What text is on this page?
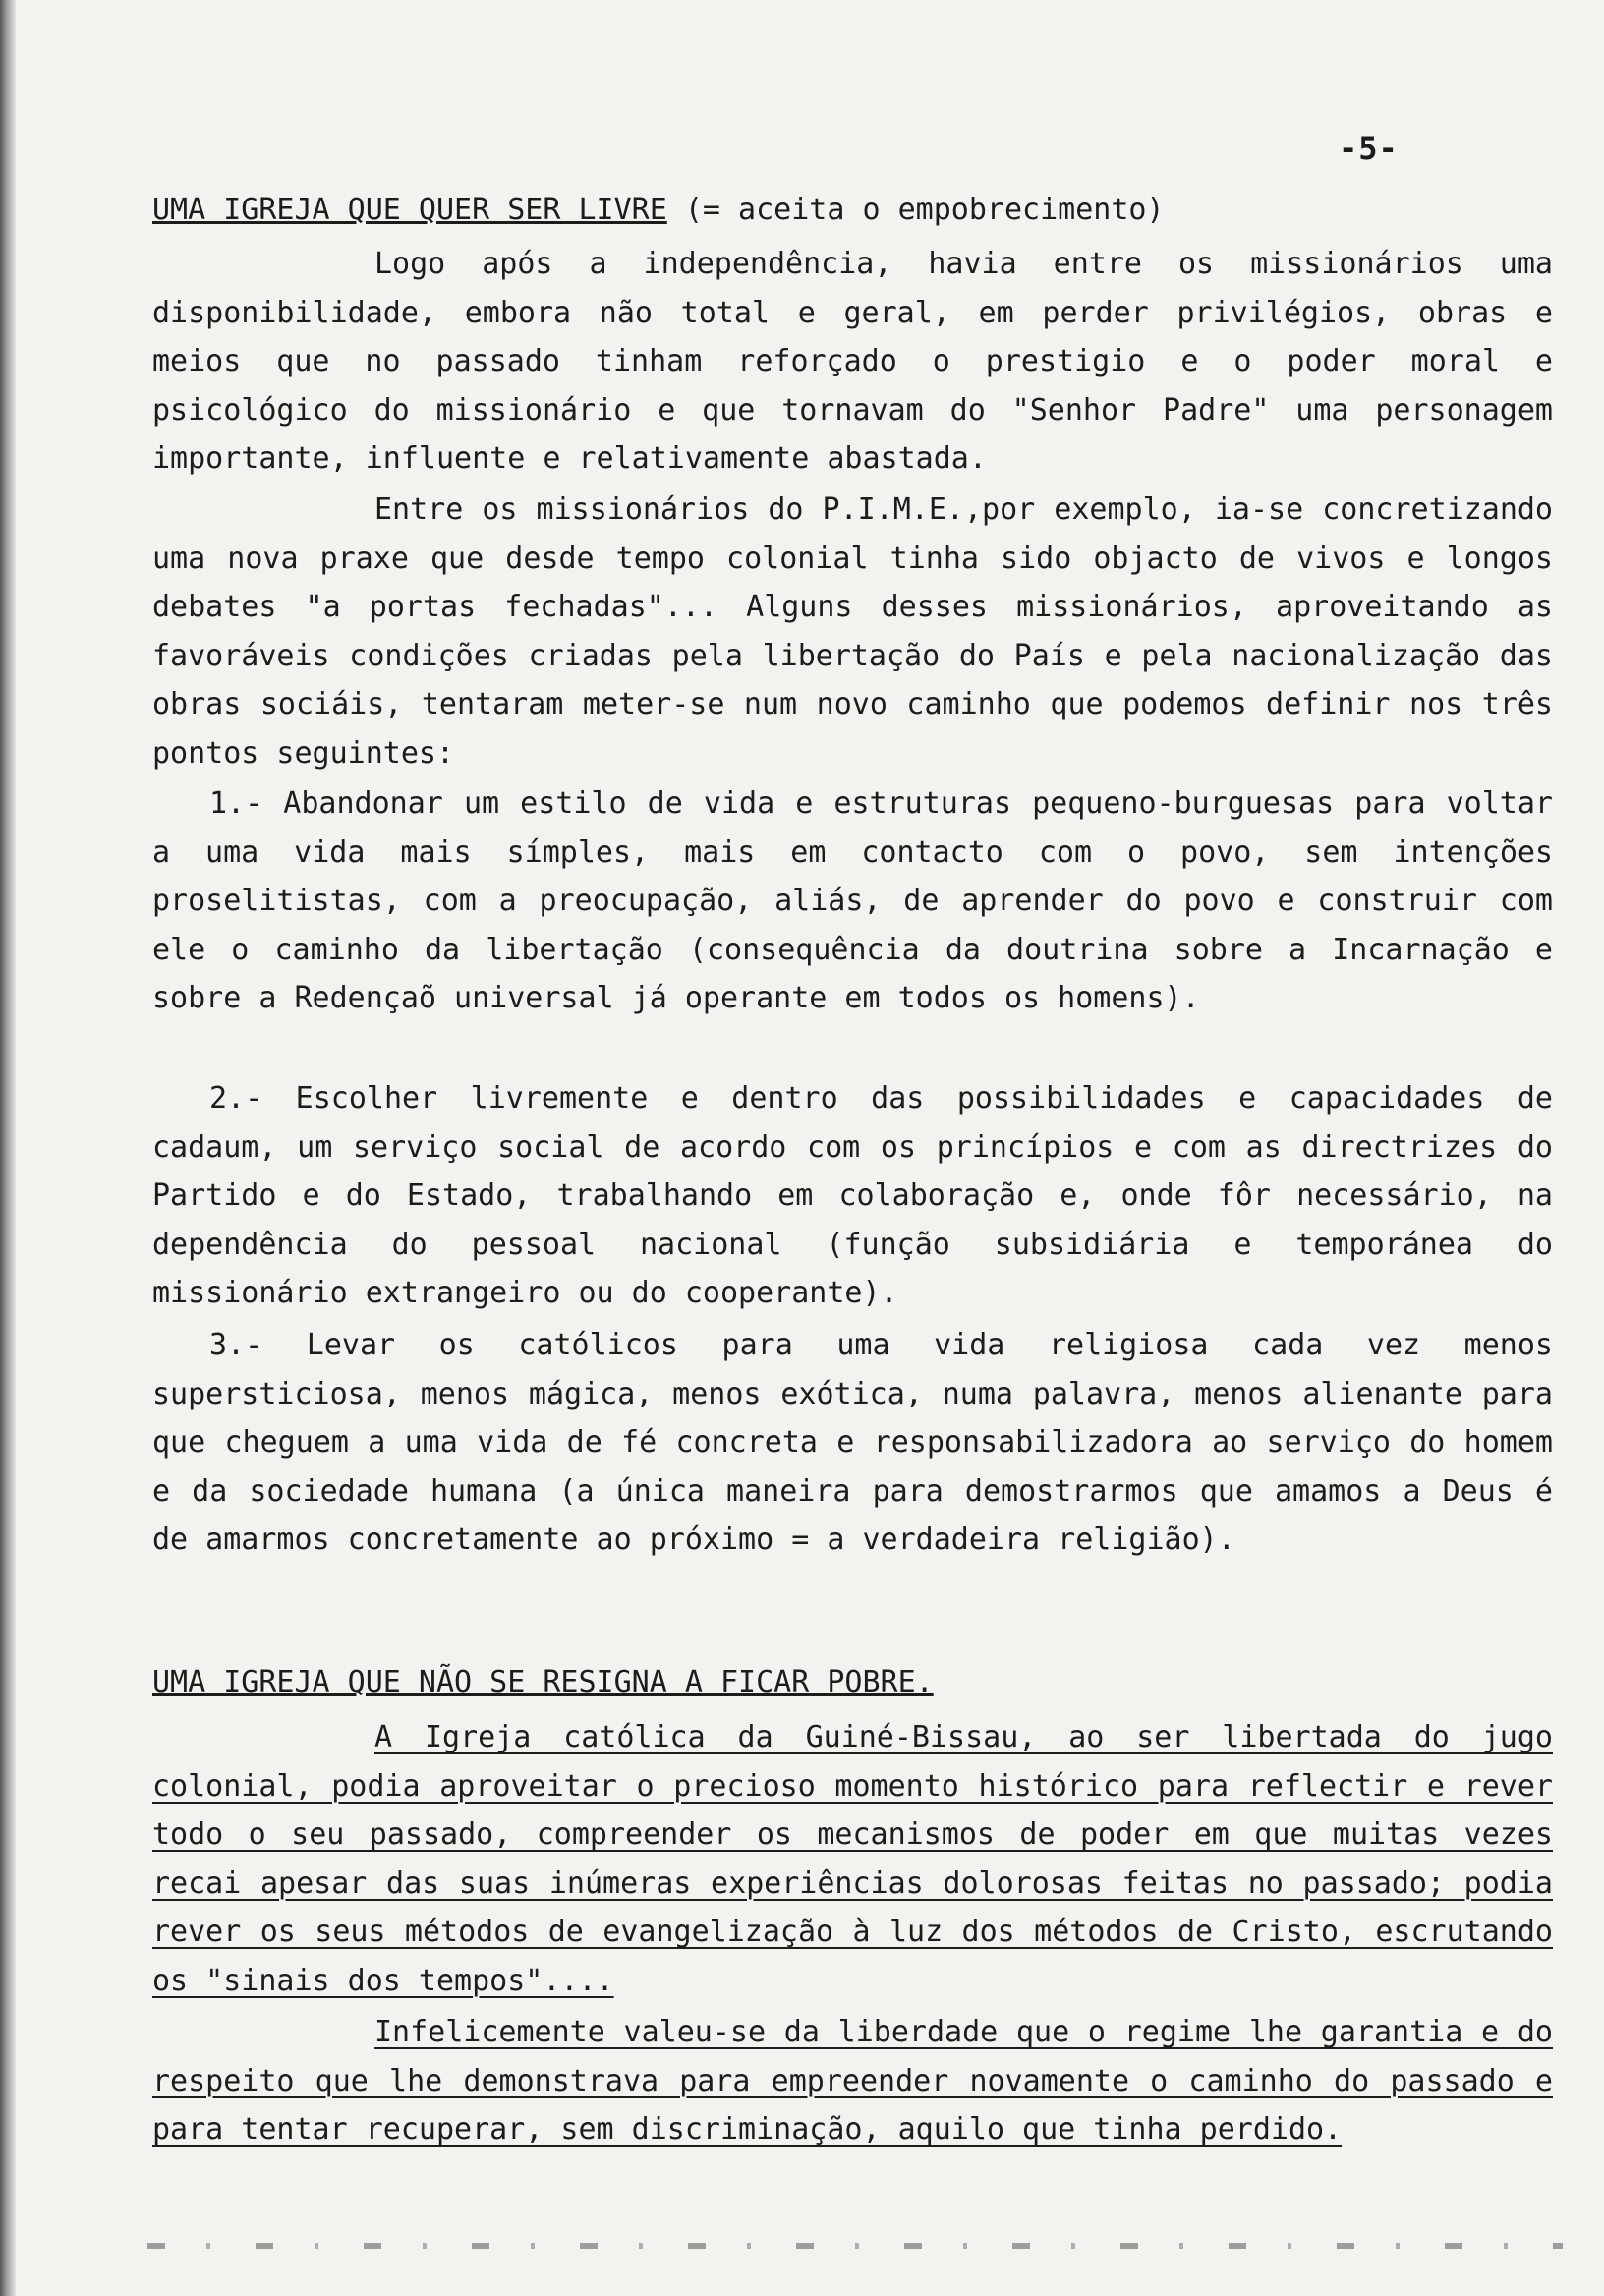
-5-
UMA IGREJA QUE QUER SER LIVRE (= aceita o empobrecimento)
Logo após a independência, havia entre os missionários uma disponibilidade, embora não total e geral, em perder privilégios, obras e meios que no passado tinham reforçado o prestigio e o poder moral e psicológico do missionário e que tornavam do "Senhor Padre" uma personagem importante, influente e relativamente abastada.
Entre os missionários do P.I.M.E.,por exemplo, ia-se concretizando uma nova praxe que desde tempo colonial tinha sido objacto de vivos e longos debates "a portas fechadas"... Alguns desses missionários, aproveitando as favoráveis condições criadas pela libertação do País e pela nacionalização das obras sociáis, tentaram meter-se num novo caminho que podemos definir nos três pontos seguintes:
1.- Abandonar um estilo de vida e estruturas pequeno-burguesas para voltar a uma vida mais símples, mais em contacto com o povo, sem intenções proselitistas, com a preocupação, aliás, de aprender do povo e construir com ele o caminho da libertação (consequência da doutrina sobre a Incarnação e sobre a Redençaõ universal já operante em todos os homens).
2.- Escolher livremente e dentro das possibilidades e capacidades de cadaum, um serviço social de acordo com os princípios e com as directrizes do Partido e do Estado, trabalhando em colaboração e, onde fôr necessário, na dependência do pessoal nacional (função subsidiária e temporánea do missionário extrangeiro ou do cooperante).
3.- Levar os católicos para uma vida religiosa cada vez menos supersticiosa, menos mágica, menos exótica, numa palavra, menos alienante para que cheguem a uma vida de fé concreta e responsabilizadora ao serviço do homem e da sociedade humana (a única maneira para demostrarmos que amamos a Deus é de amarmos concretamente ao próximo = a verdadeira religião).
UMA IGREJA QUE NÃO SE RESIGNA A FICAR POBRE.
A Igreja católica da Guiné-Bissau, ao ser libertada do jugo colonial, podia aproveitar o precioso momento histórico para reflectir e rever todo o seu passado, compreender os mecanismos de poder em que muitas vezes recai apesar das suas inúmeras experiências dolorosas feitas no passado; podia rever os seus métodos de evangelização à luz dos métodos de Cristo, escrutando os "sinais dos tempos"....
Infelicemente valeu-se da liberdade que o regime lhe garantia e do respeito que lhe demonstrava para empreender novamente o caminho do passado e para tentar recuperar, sem discriminação, aquilo que tinha perdido.
